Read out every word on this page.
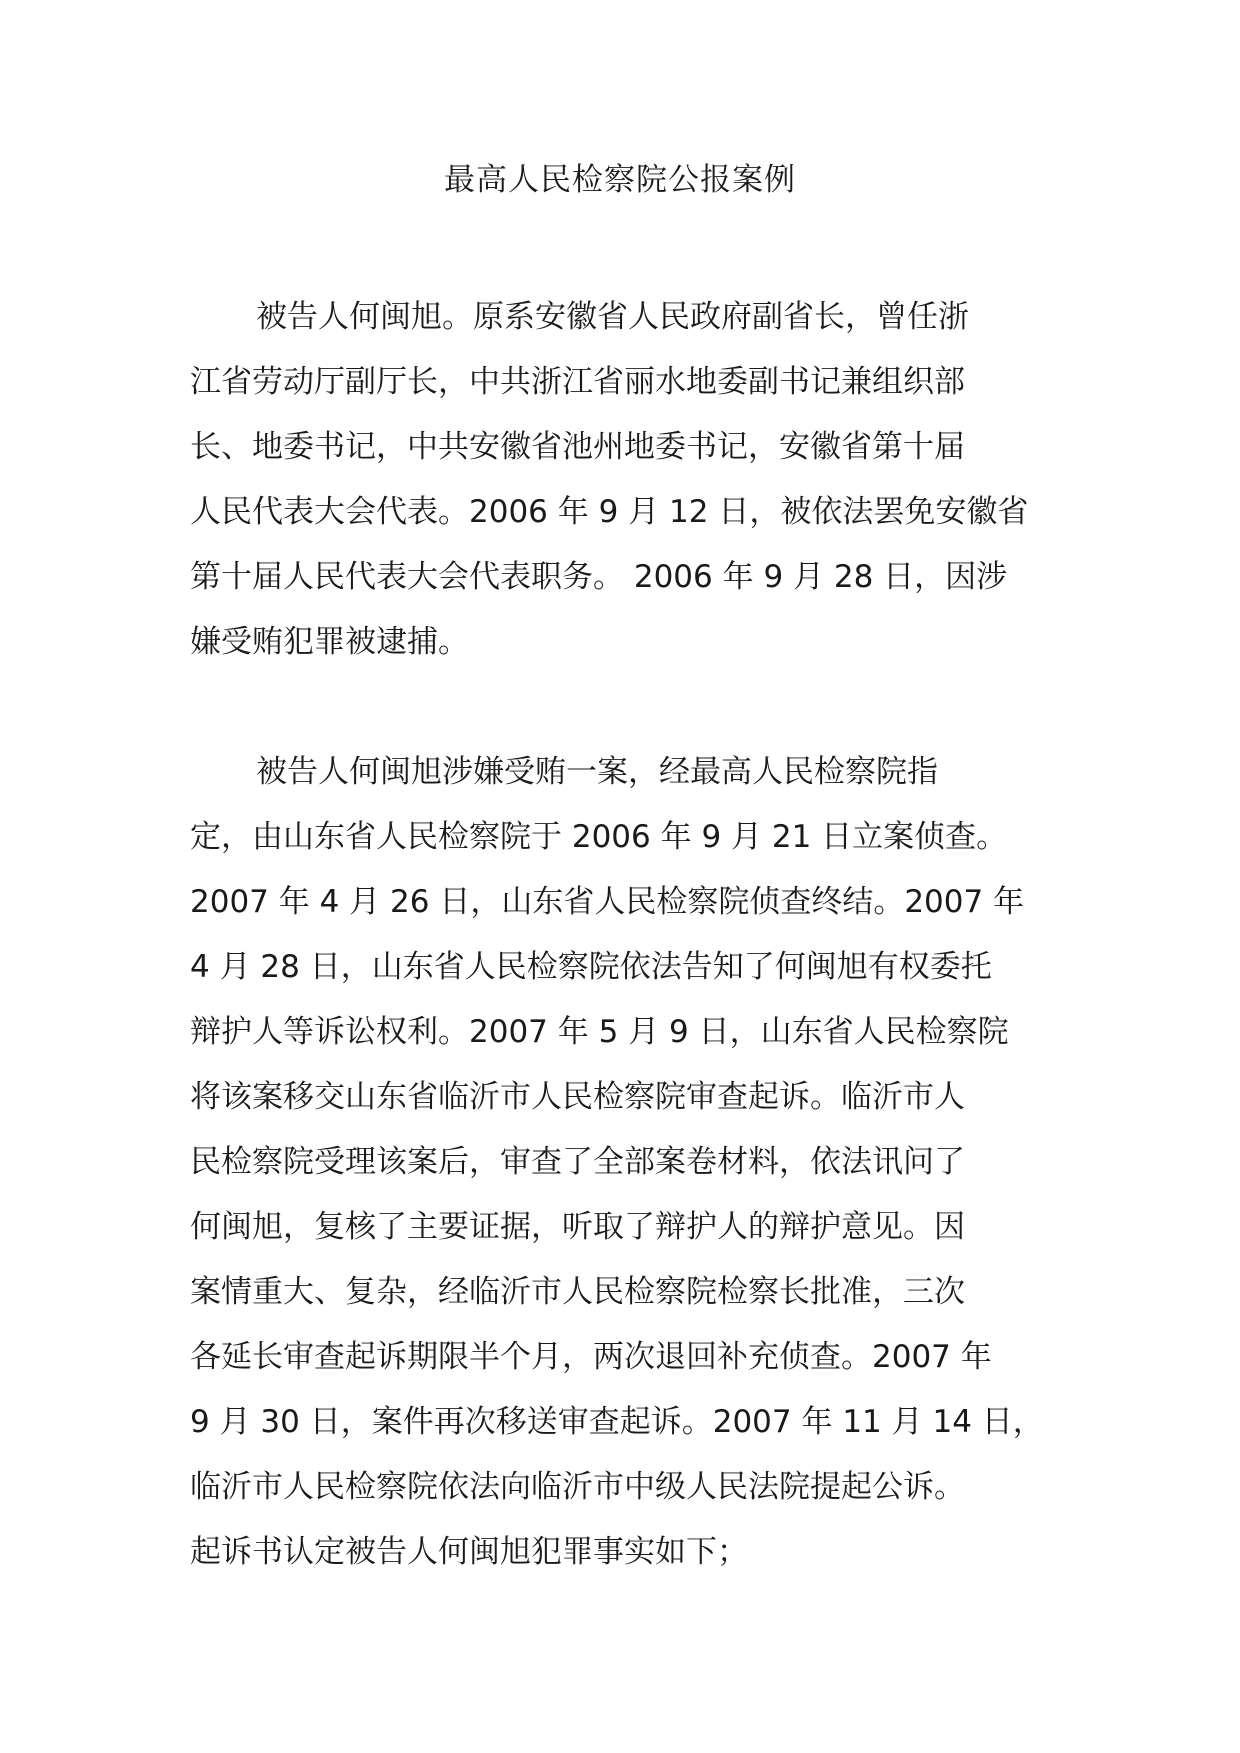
最高人民检察院公报案例

被告人何闽旭。原系安徽省人民政府副省长，曾任浙
江省劳动厅副厅长，中共浙江省丽水地委副书记兼组织部
长、地委书记，中共安徽省池州地委书记，安徽省第十届
人民代表大会代表。2006 年 9 月 12 日，被依法罢免安徽省
第十届人民代表大会代表职务。 2006 年 9 月 28 日，因涉
嫌受贿犯罪被逮捕。

被告人何闽旭涉嫌受贿一案，经最高人民检察院指
定，由山东省人民检察院于 2006 年 9 月 21 日立案侦查。
2007 年 4 月 26 日，山东省人民检察院侦查终结。2007 年
4 月 28 日，山东省人民检察院依法告知了何闽旭有权委托
辩护人等诉讼权利。2007 年 5 月 9 日，山东省人民检察院
将该案移交山东省临沂市人民检察院审查起诉。临沂市人
民检察院受理该案后，审查了全部案卷材料，依法讯问了
何闽旭，复核了主要证据，听取了辩护人的辩护意见。因
案情重大、复杂，经临沂市人民检察院检察长批准，三次
各延长审查起诉期限半个月，两次退回补充侦查。2007 年
9 月 30 日，案件再次移送审查起诉。2007 年 11 月 14 日，
临沂市人民检察院依法向临沂市中级人民法院提起公诉。
起诉书认定被告人何闽旭犯罪事实如下；
